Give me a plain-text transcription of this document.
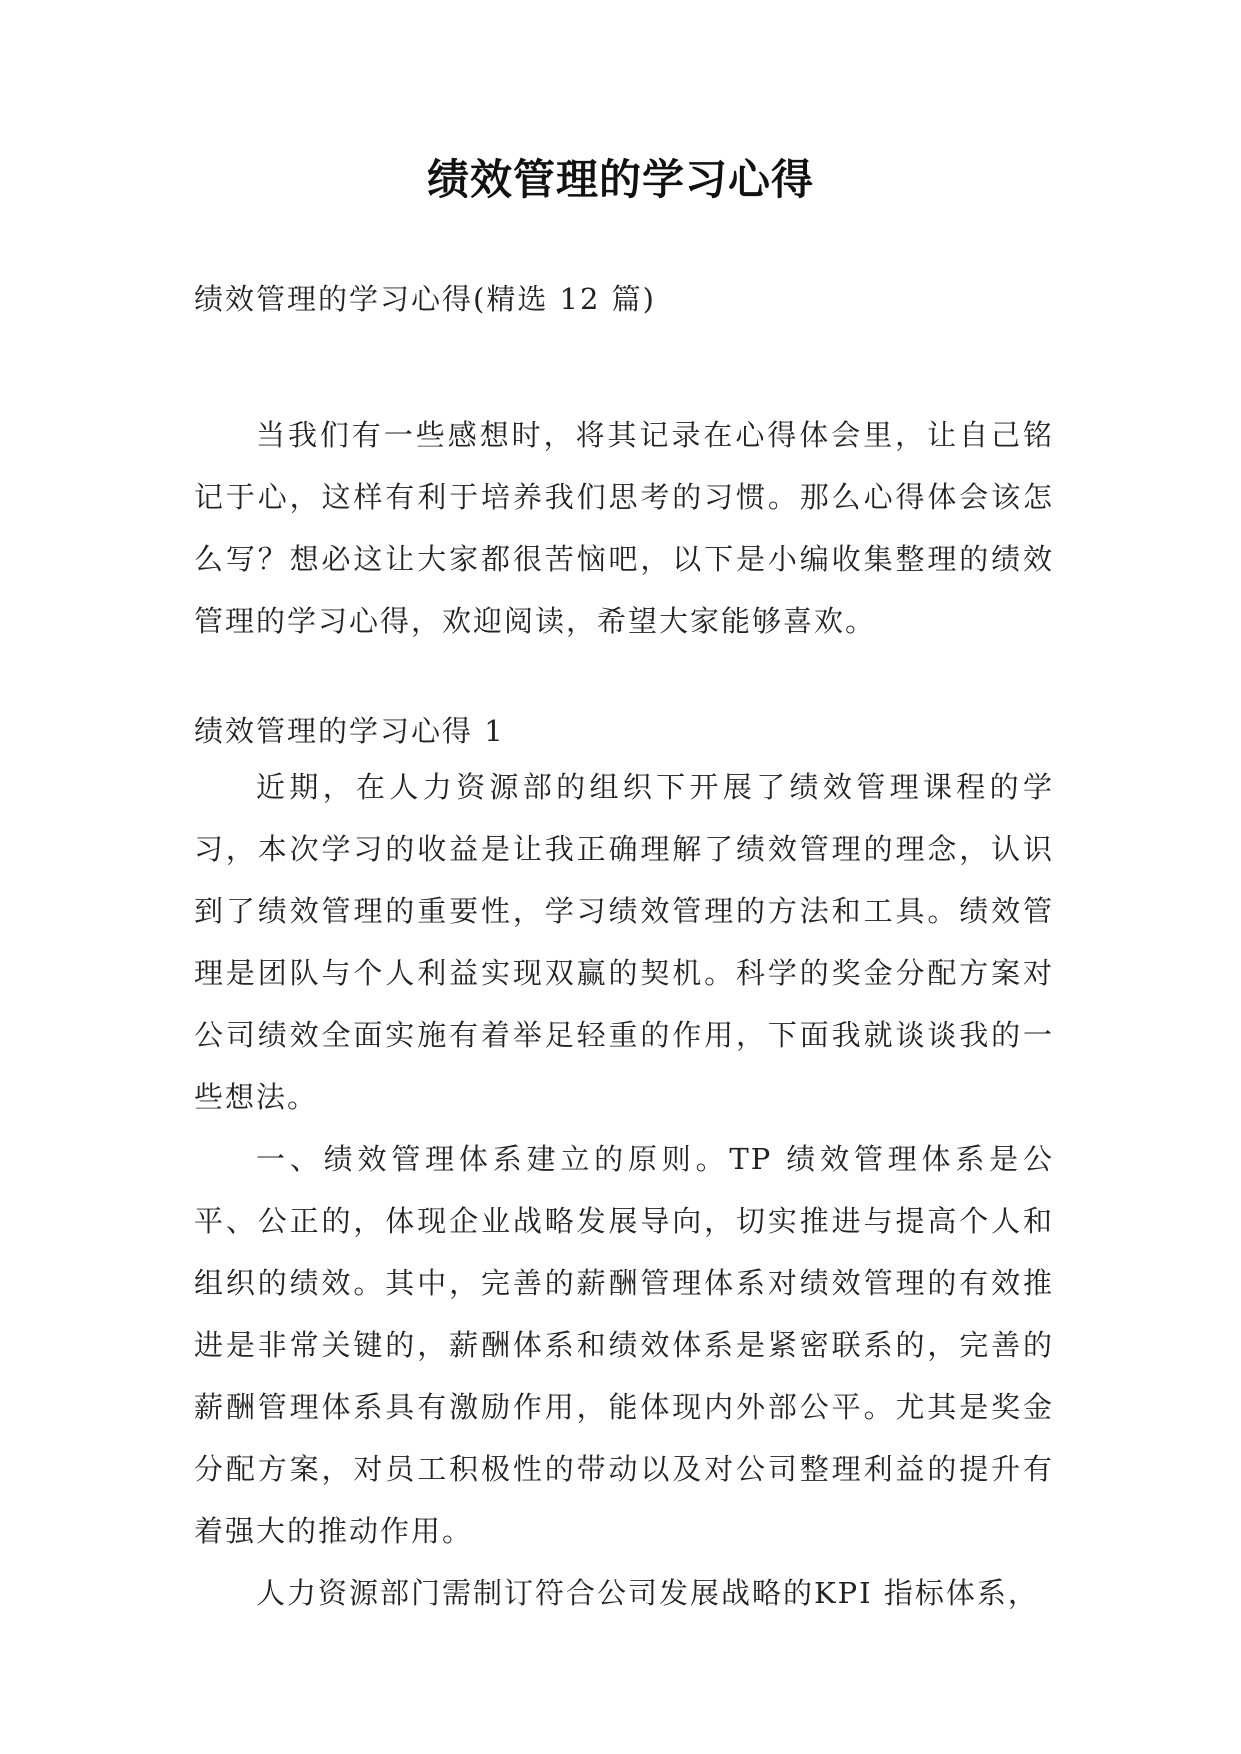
绩效管理的学习心得
绩效管理的学习心得(精选 12 篇)

当我们有一些感想时，将其记录在心得体会里，让自己铭记于心，这样有利于培养我们思考的习惯。那么心得体会该怎么写？想必这让大家都很苦恼吧，以下是小编收集整理的绩效管理的学习心得，欢迎阅读，希望大家能够喜欢。

绩效管理的学习心得 1

近期，在人力资源部的组织下开展了绩效管理课程的学习，本次学习的收益是让我正确理解了绩效管理的理念，认识到了绩效管理的重要性，学习绩效管理的方法和工具。绩效管理是团队与个人利益实现双赢的契机。科学的奖金分配方案对公司绩效全面实施有着举足轻重的作用，下面我就谈谈我的一些想法。

一、绩效管理体系建立的原则。TP 绩效管理体系是公平、公正的，体现企业战略发展导向，切实推进与提高个人和组织的绩效。其中，完善的薪酬管理体系对绩效管理的有效推进是非常关键的，薪酬体系和绩效体系是紧密联系的，完善的薪酬管理体系具有激励作用，能体现内外部公平。尤其是奖金分配方案，对员工积极性的带动以及对公司整理利益的提升有着强大的推动作用。

人力资源部门需制订符合公司发展战略的KPI 指标体系，
